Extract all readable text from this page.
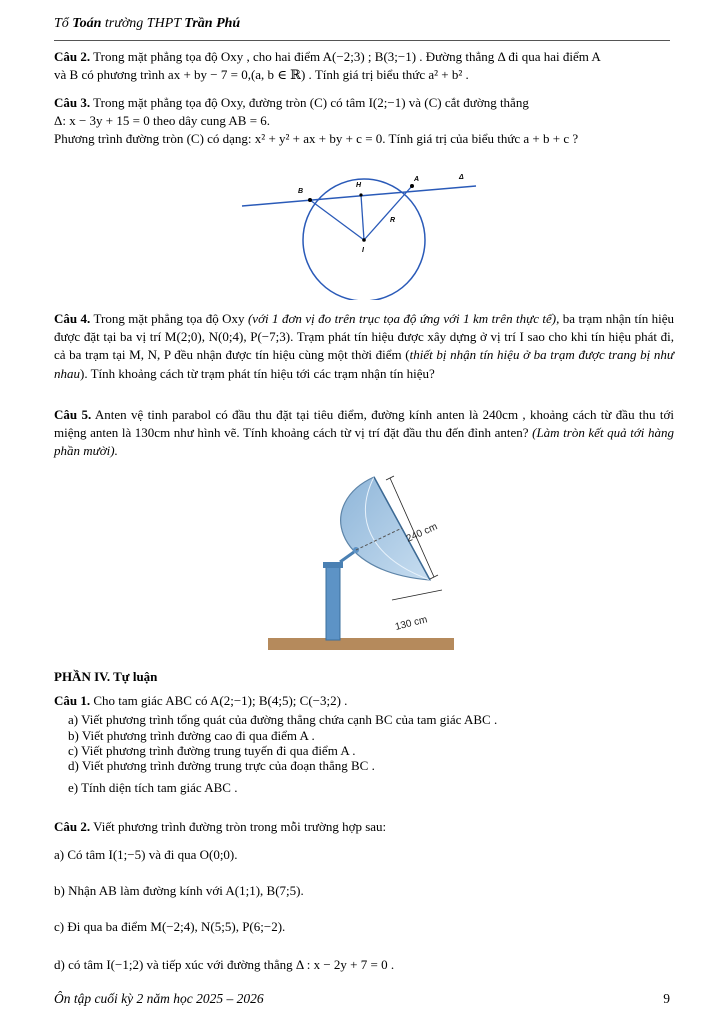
Tổ Toán trường THPT Trần Phú
Câu 2. Trong mặt phẳng tọa độ Oxy , cho hai điểm A(−2;3) ; B(3;−1) . Đường thẳng Δ đi qua hai điểm A
và B có phương trình ax + by − 7 = 0,(a, b ∈ ℝ) . Tính giá trị biểu thức a² + b² .
Câu 3. Trong mặt phẳng tọa độ Oxy, đường tròn (C) có tâm I(2;−1) và (C) cắt đường thẳng
Δ: x − 3y + 15 = 0 theo dây cung AB = 6.
Phương trình đường tròn (C) có dạng: x² + y² + ax + by + c = 0. Tính giá trị của biểu thức a + b + c ?
B
H
A	Δ
R
I
Câu 4. Trong mặt phẳng tọa độ Oxy (với 1 đơn vị đo trên trục tọa độ ứng với 1 km trên thực tế), ba trạm nhận tín hiệu được đặt tại ba vị trí M(2;0), N(0;4), P(−7;3). Trạm phát tín hiệu được xây dựng ở vị trí I sao cho khi tín hiệu phát đi, cả ba trạm tại M, N, P đều nhận được tín hiệu cùng một thời điểm (thiết bị nhận tín hiệu ở ba trạm được trang bị như nhau). Tính khoảng cách từ trạm phát tín hiệu tới các trạm nhận tín hiệu?
Câu 5. Anten vệ tinh parabol có đầu thu đặt tại tiêu điểm, đường kính anten là 240cm , khoảng cách từ đầu thu tới miệng anten là 130cm như hình vẽ. Tính khoảng cách từ vị trí đặt đầu thu đến đỉnh anten? (Làm tròn kết quả tới hàng phần mười).
240 cm
130 cm
PHẦN IV. Tự luận
Câu 1. Cho tam giác ABC có A(2;−1); B(4;5); C(−3;2) .
a) Viết phương trình tổng quát của đường thẳng chứa cạnh BC của tam giác ABC .
b) Viết phương trình đường cao đi qua điểm A .
c) Viết phương trình đường trung tuyến đi qua điểm A .
d) Viết phương trình đường trung trực của đoạn thẳng BC .
e) Tính diện tích tam giác ABC .
Câu 2. Viết phương trình đường tròn trong mỗi trường hợp sau:
a) Có tâm I(1;−5) và đi qua O(0;0).
b) Nhận AB làm đường kính với A(1;1), B(7;5).
c) Đi qua ba điểm M(−2;4), N(5;5), P(6;−2).
d) có tâm I(−1;2) và tiếp xúc với đường thẳng Δ : x − 2y + 7 = 0 .
Ôn tập cuối kỳ 2 năm học 2025 – 2026	9
